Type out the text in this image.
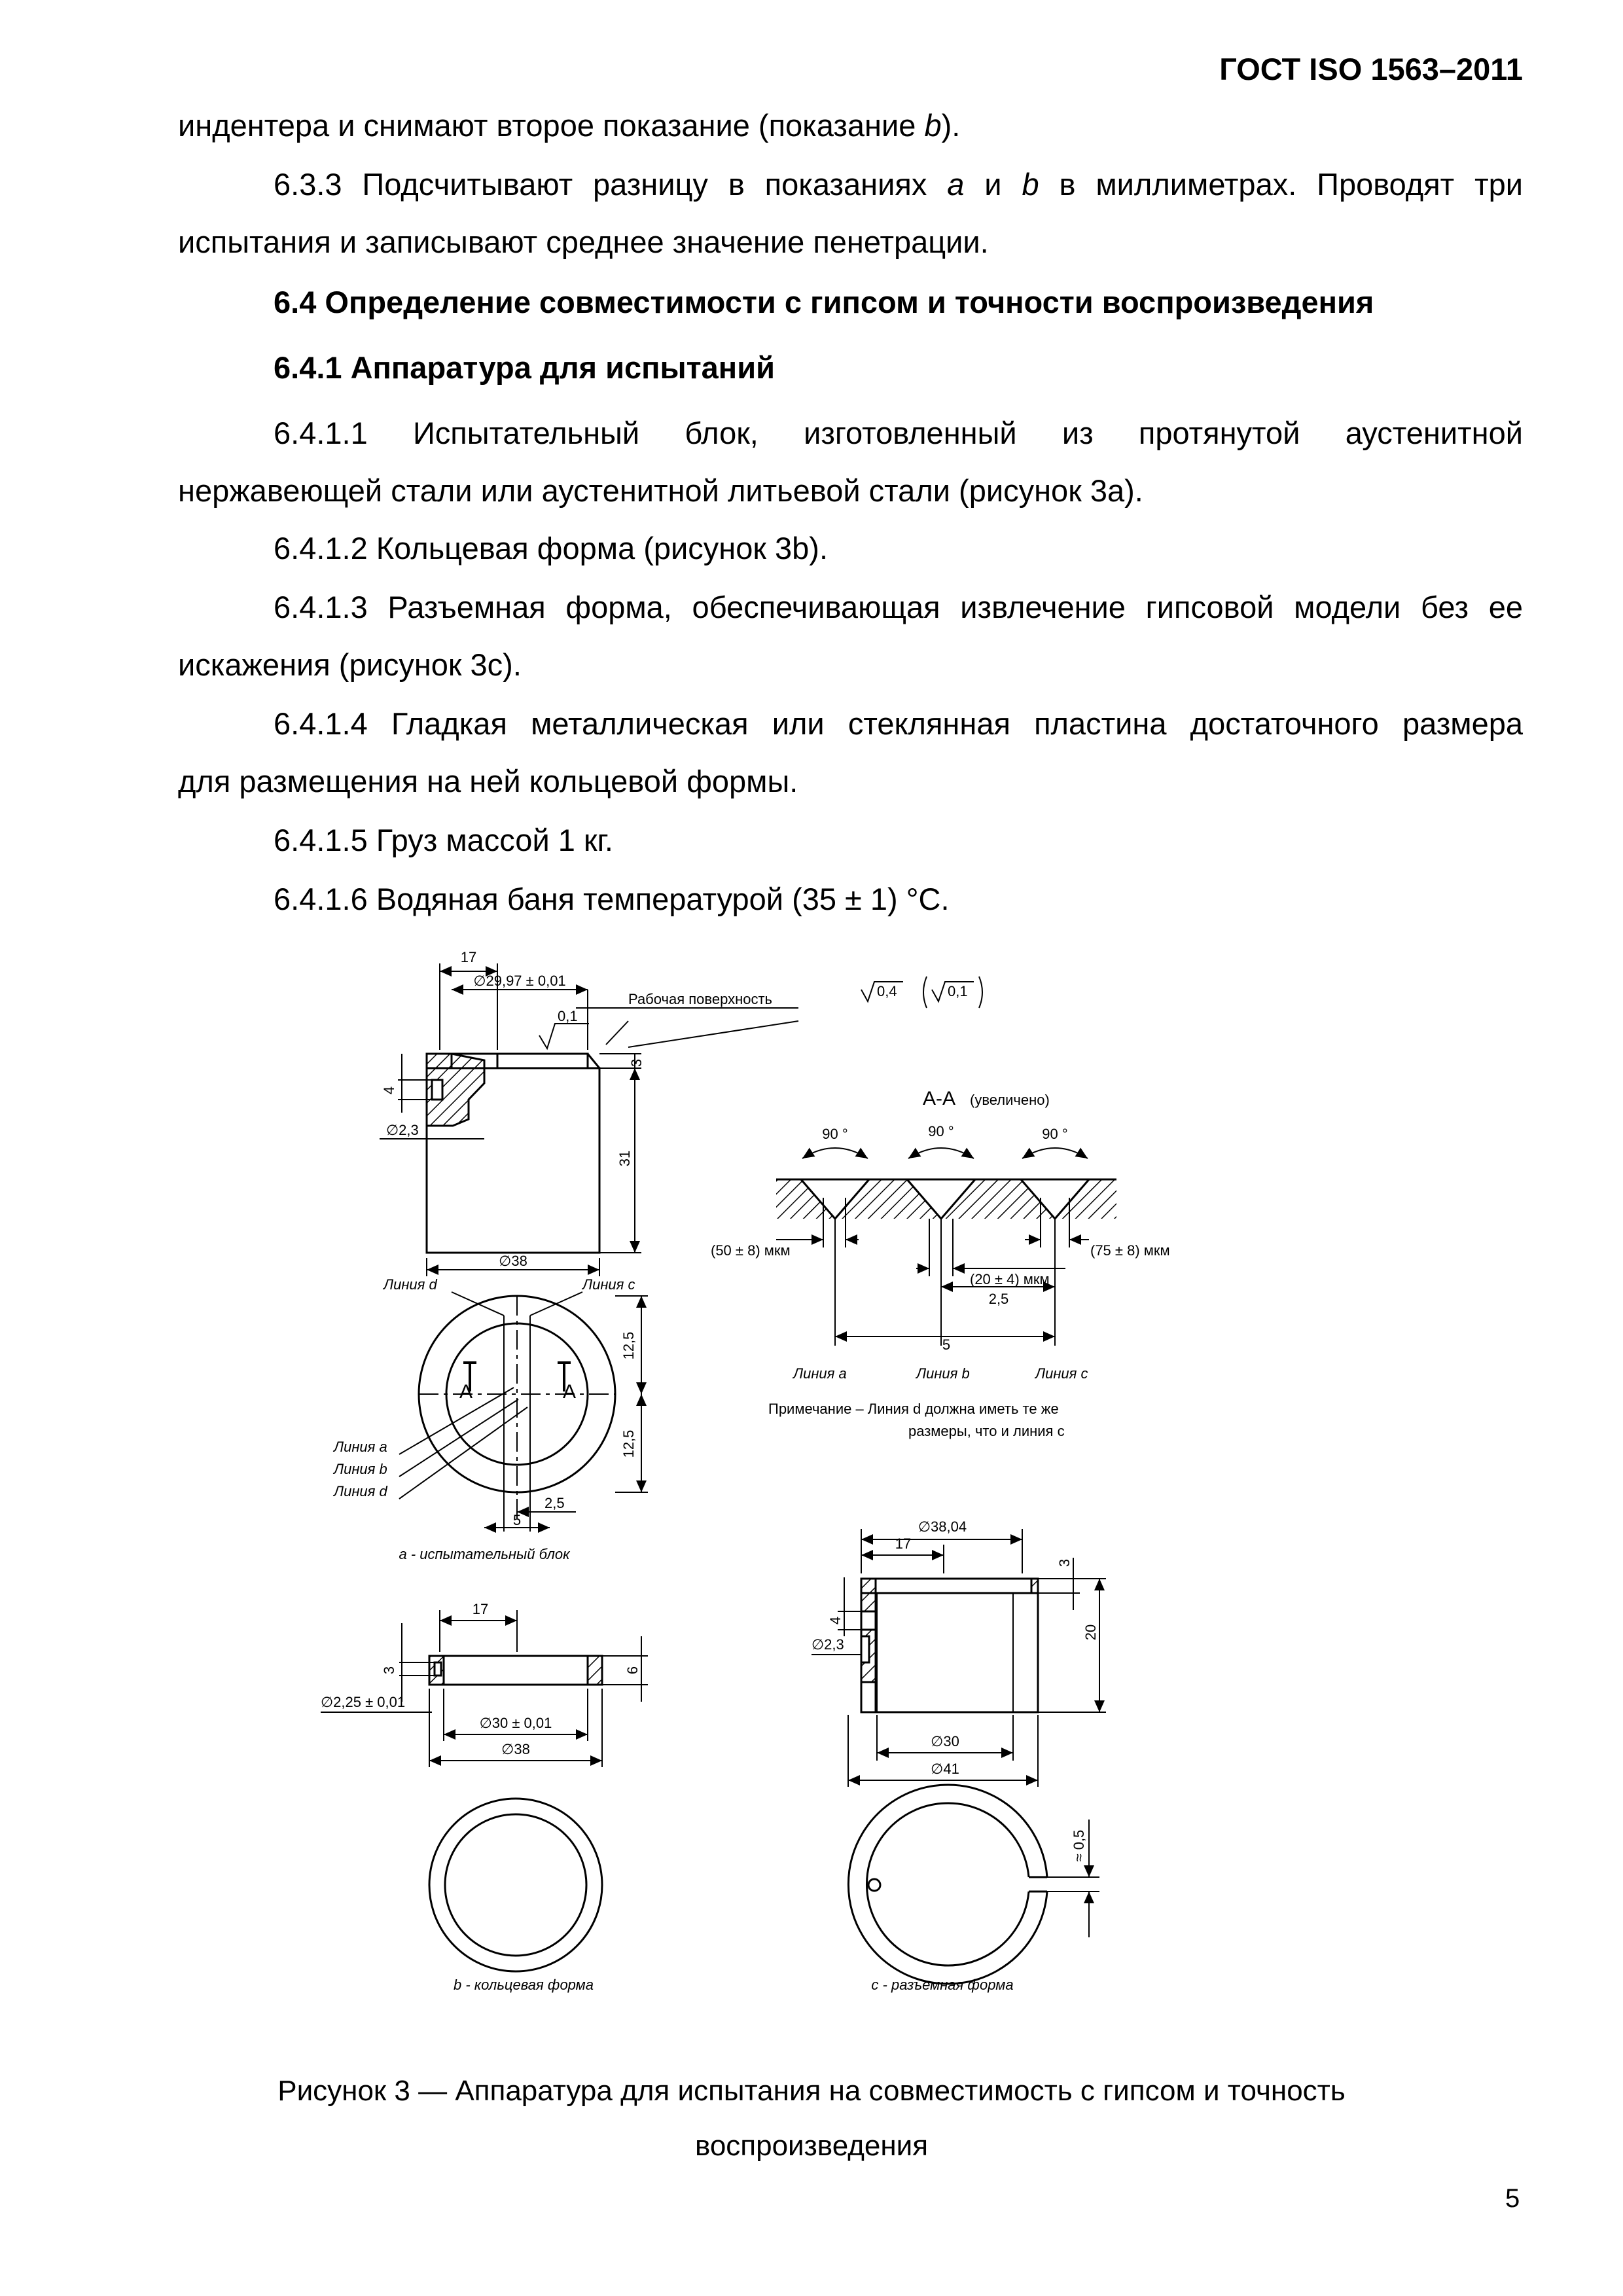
ГОСТ ISO 1563–2011
индентера и снимают второе показание (показание b).
6.3.3 Подсчитывают разницу в показаниях a и b в миллиметрах. Проводят три
испытания и записывают среднее значение пенетрации.
6.4 Определение совместимости с гипсом и точности воспроизведения
6.4.1 Аппаратура для испытаний
6.4.1.1 Испытательный блок, изготовленный из протянутой аустенитной
нержавеющей стали или аустенитной литьевой стали (рисунок 3а).
6.4.1.2 Кольцевая форма (рисунок 3b).
6.4.1.3 Разъемная форма, обеспечивающая извлечение гипсовой модели без ее
искажения (рисунок 3с).
6.4.1.4 Гладкая металлическая или стеклянная пластина достаточного размера
для размещения на ней кольцевой формы.
6.4.1.5 Груз массой 1 кг.
6.4.1.6 Водяная баня температурой (35 ± 1) °С.
17
∅29,97 ± 0,01
0,1
Рабочая поверхность
3
4
∅2,3
31
∅38
Линия d	Линия c
Линия a
Линия b
Линия d
12,5
12,5
A	A
2,5
5
a - испытательный блок
0,4	0,1
A-A (увеличено)
90 °	90 °	90 °
(50 ± 8) мкм
(20 ± 4) мкм
(75 ± 8) мкм
2,5
5
Линия a	Линия b	Линия c
Примечание – Линия d должна иметь те же
размеры, что и линия c
17
3	6
∅2,25 ± 0,01
∅30 ± 0,01
∅38
b - кольцевая форма
∅38,04
17
3
4
20
∅2,3
∅30
∅41
≈ 0,5
c - разъемная форма
Рисунок 3 — Аппаратура для испытания на совместимость с гипсом и точность
воспроизведения
5
